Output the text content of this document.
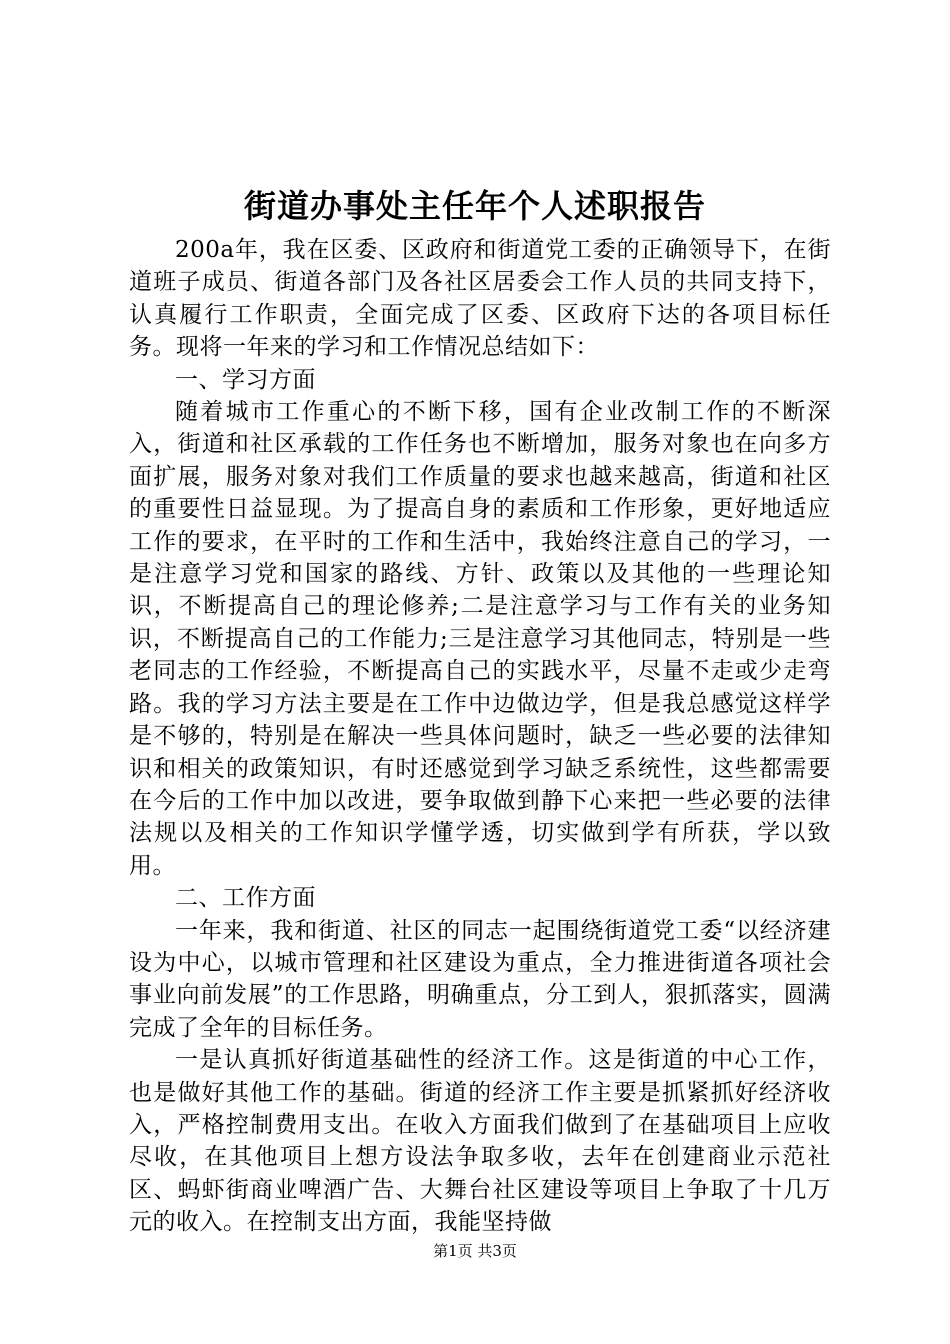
街道办事处主任年个人述职报告

200a年，我在区委、区政府和街道党工委的正确领导下，在街道班子成员、街道各部门及各社区居委会工作人员的共同支持下，认真履行工作职责，全面完成了区委、区政府下达的各项目标任务。现将一年来的学习和工作情况总结如下：

一、学习方面

随着城市工作重心的不断下移，国有企业改制工作的不断深入，街道和社区承载的工作任务也不断增加，服务对象也在向多方面扩展，服务对象对我们工作质量的要求也越来越高，街道和社区的重要性日益显现。为了提高自身的素质和工作形象，更好地适应工作的要求，在平时的工作和生活中，我始终注意自己的学习，一是注意学习党和国家的路线、方针、政策以及其他的一些理论知识，不断提高自己的理论修养;二是注意学习与工作有关的业务知识，不断提高自己的工作能力;三是注意学习其他同志，特别是一些老同志的工作经验，不断提高自己的实践水平，尽量不走或少走弯路。我的学习方法主要是在工作中边做边学，但是我总感觉这样学是不够的，特别是在解决一些具体问题时，缺乏一些必要的法律知识和相关的政策知识，有时还感觉到学习缺乏系统性，这些都需要在今后的工作中加以改进，要争取做到静下心来把一些必要的法律法规以及相关的工作知识学懂学透，切实做到学有所获，学以致用。

二、工作方面

一年来，我和街道、社区的同志一起围绕街道党工委“以经济建设为中心，以城市管理和社区建设为重点，全力推进街道各项社会事业向前发展”的工作思路，明确重点，分工到人，狠抓落实，圆满完成了全年的目标任务。

一是认真抓好街道基础性的经济工作。这是街道的中心工作，也是做好其他工作的基础。街道的经济工作主要是抓紧抓好经济收入，严格控制费用支出。在收入方面我们做到了在基础项目上应收尽收，在其他项目上想方设法争取多收，去年在创建商业示范社区、蚂虾街商业啤酒广告、大舞台社区建设等项目上争取了十几万元的收入。在控制支出方面，我能坚持做

第1页 共3页
